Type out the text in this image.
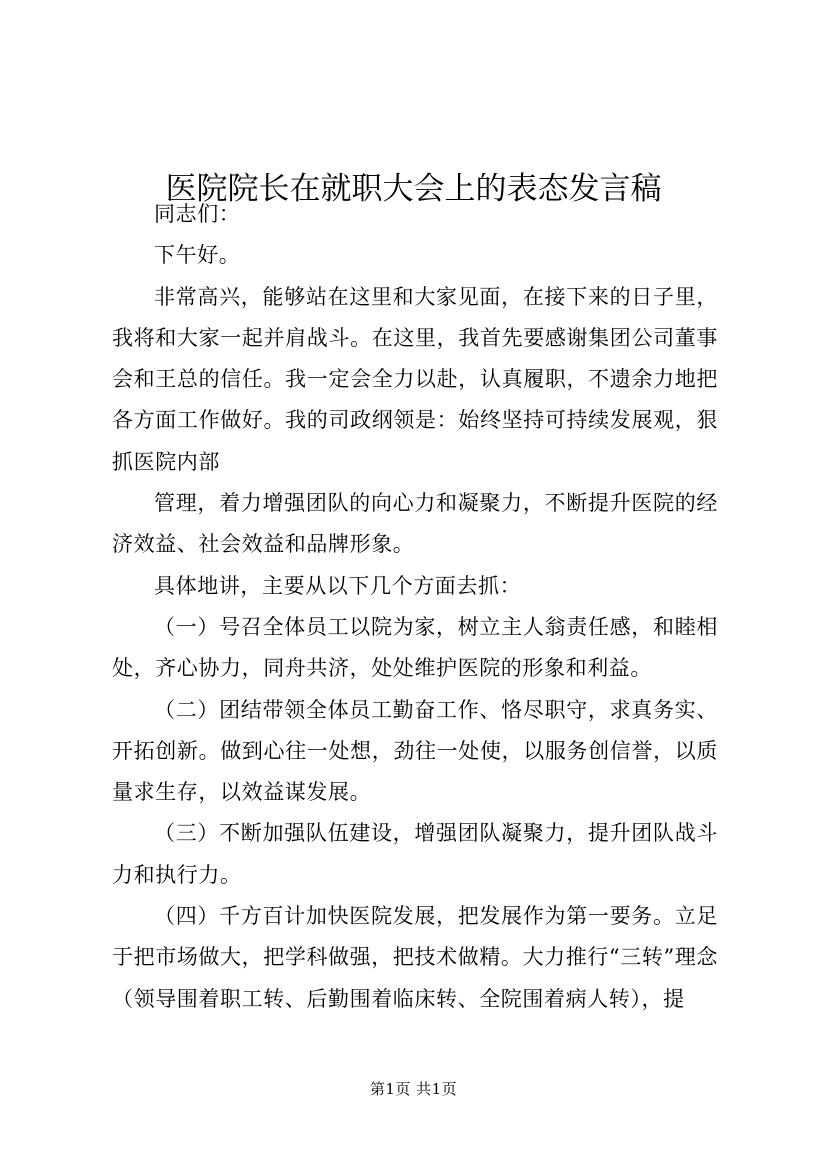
医院院长在就职大会上的表态发言稿

同志们：

下午好。

非常高兴，能够站在这里和大家见面，在接下来的日子里，我将和大家一起并肩战斗。在这里，我首先要感谢集团公司董事会和王总的信任。我一定会全力以赴，认真履职，不遗余力地把各方面工作做好。我的司政纲领是：始终坚持可持续发展观，狠抓医院内部

管理，着力增强团队的向心力和凝聚力，不断提升医院的经济效益、社会效益和品牌形象。

具体地讲，主要从以下几个方面去抓：

（一）号召全体员工以院为家，树立主人翁责任感，和睦相处，齐心协力，同舟共济，处处维护医院的形象和利益。

（二）团结带领全体员工勤奋工作、恪尽职守，求真务实、开拓创新。做到心往一处想，劲往一处使，以服务创信誉，以质量求生存，以效益谋发展。

（三）不断加强队伍建设，增强团队凝聚力，提升团队战斗力和执行力。

（四）千方百计加快医院发展，把发展作为第一要务。立足于把市场做大，把学科做强，把技术做精。大力推行“三转”理念（领导围着职工转、后勤围着临床转、全院围着病人转），提

第1页 共1页
